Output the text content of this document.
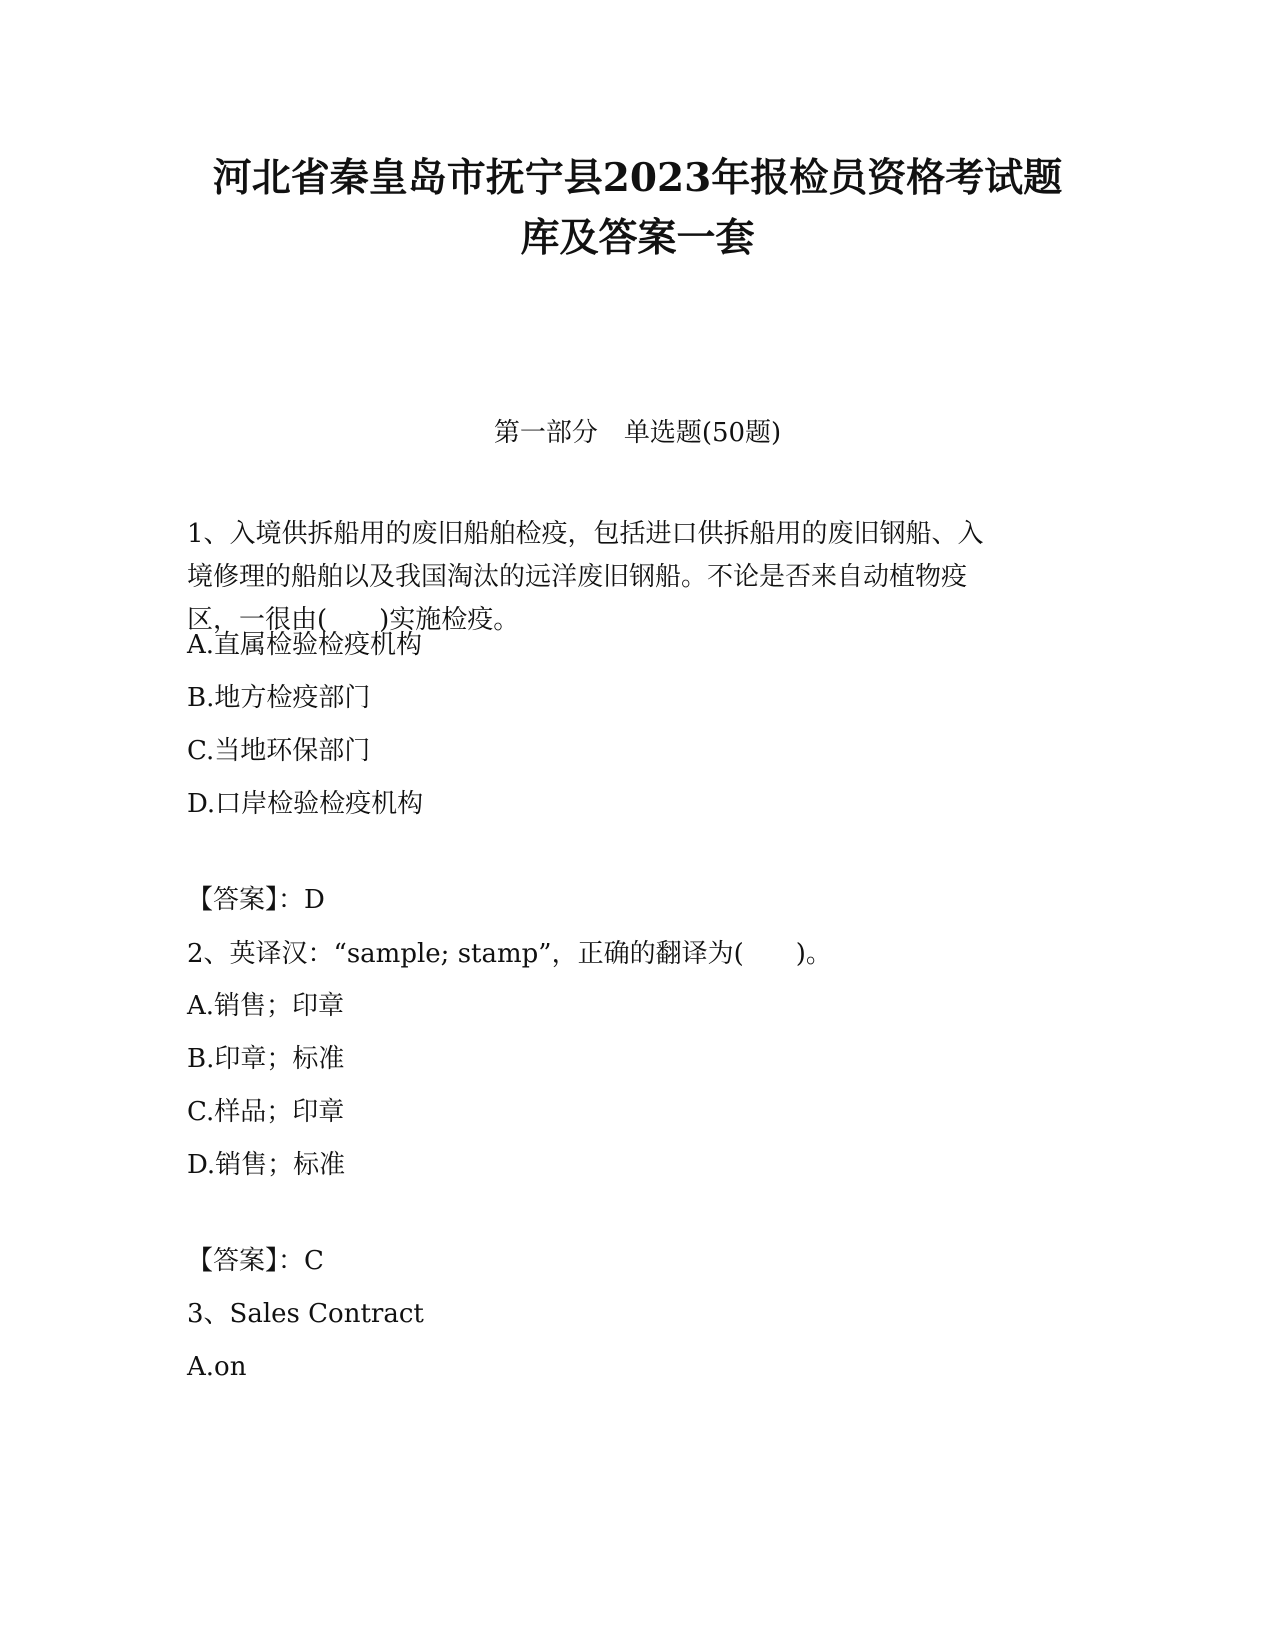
河北省秦皇岛市抚宁县2023年报检员资格考试题
库及答案一套
第一部分　单选题(50题)
1、入境供拆船用的废旧船舶检疫，包括进口供拆船用的废旧钢船、入
境修理的船舶以及我国淘汰的远洋废旧钢船。不论是否来自动植物疫
区，一很由(　　)实施检疫。
A.直属检验检疫机构
B.地方检疫部门
C.当地环保部门
D.口岸检验检疫机构
【答案】：D
2、英译汉：“sample; stamp”，正确的翻译为(　　)。
A.销售；印章
B.印章；标准
C.样品；印章
D.销售；标准
【答案】：C
3、Sales Contract
A.on
